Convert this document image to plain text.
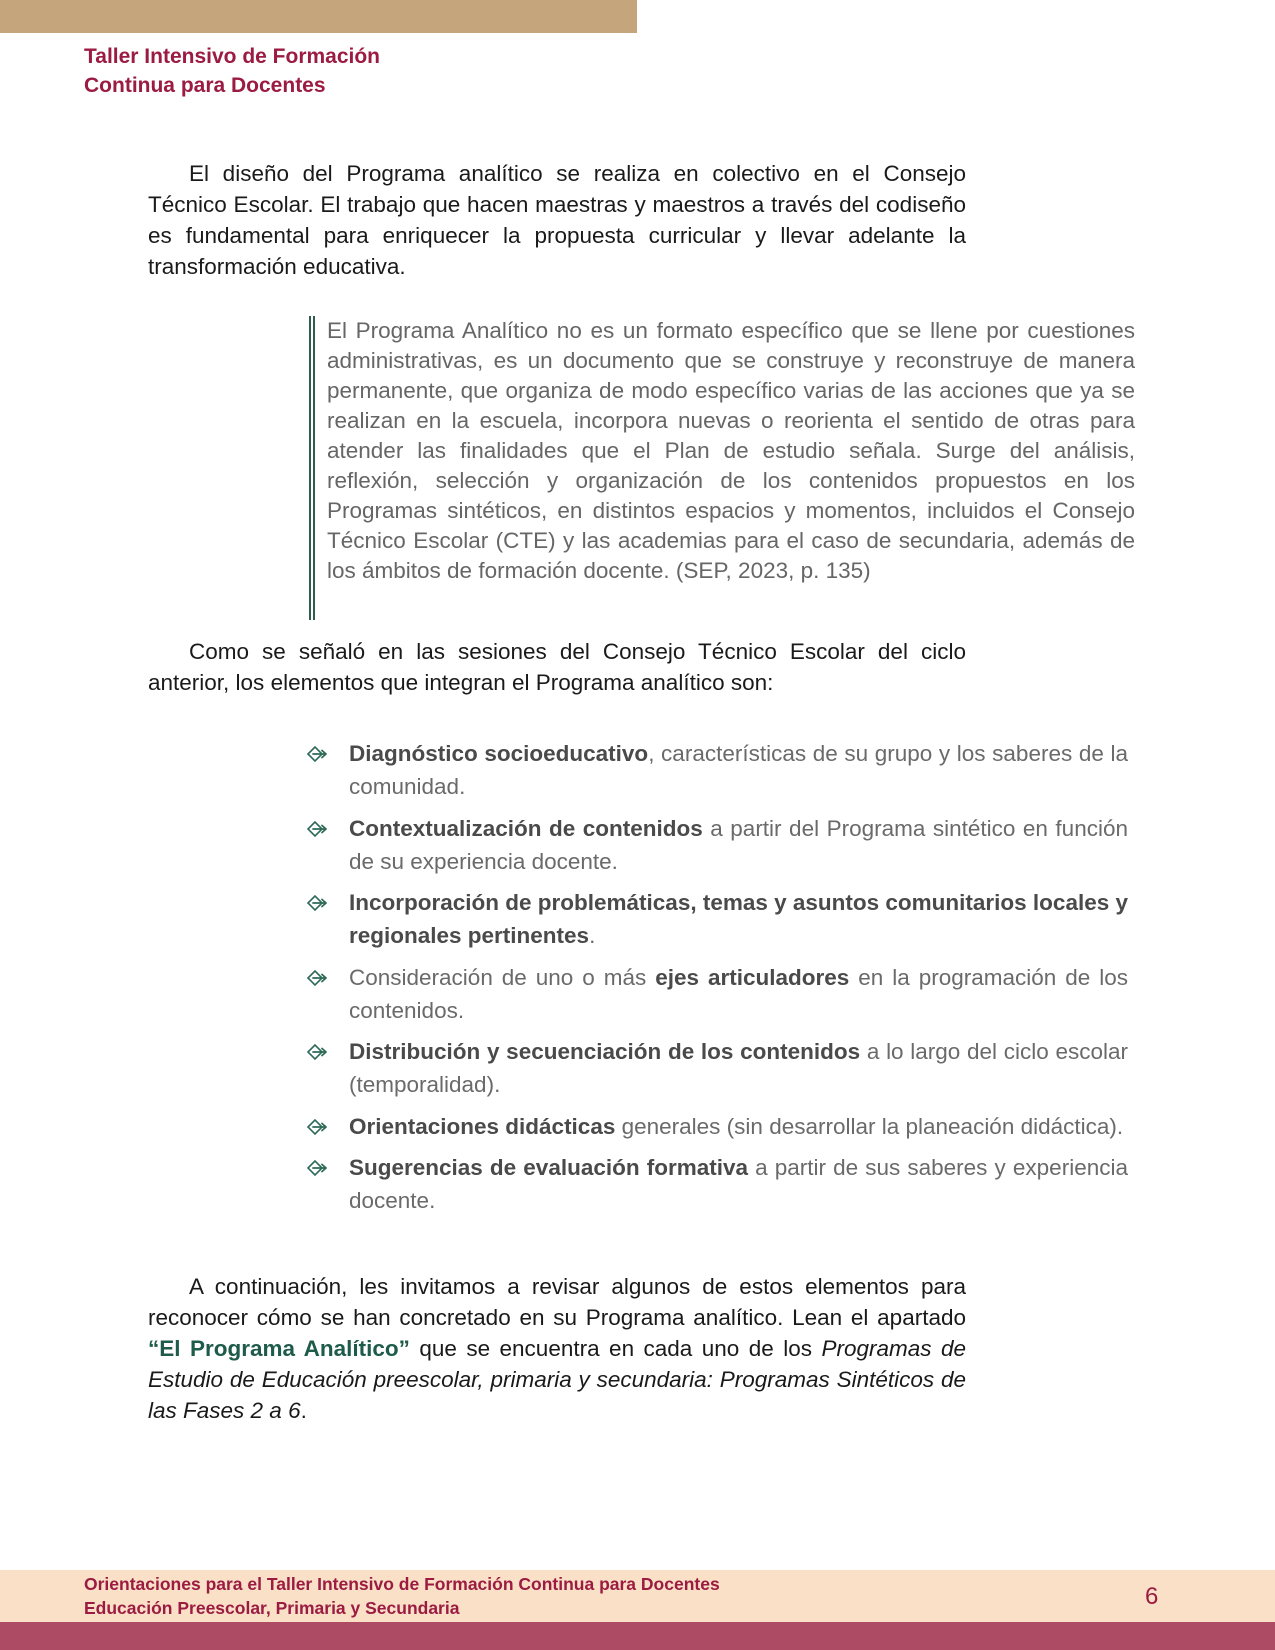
Taller Intensivo de Formación
Continua para Docentes

El diseño del Programa analítico se realiza en colectivo en el Consejo Técnico Escolar. El trabajo que hacen maestras y maestros a través del codiseño es fundamental para enriquecer la propuesta curricular y llevar adelante la transformación educativa.

El Programa Analítico no es un formato específico que se llene por cuestiones administrativas, es un documento que se construye y reconstruye de manera permanente, que organiza de modo específico varias de las acciones que ya se realizan en la escuela, incorpora nuevas o reorienta el sentido de otras para atender las finalidades que el Plan de estudio señala. Surge del análisis, reflexión, selección y organización de los contenidos propuestos en los Programas sintéticos, en distintos espacios y momentos, incluidos el Consejo Técnico Escolar (CTE) y las academias para el caso de secundaria, además de los ámbitos de formación docente. (SEP, 2023, p. 135)

Como se señaló en las sesiones del Consejo Técnico Escolar del ciclo anterior, los elementos que integran el Programa analítico son:

Diagnóstico socioeducativo, características de su grupo y los saberes de la comunidad.
Contextualización de contenidos a partir del Programa sintético en función de su experiencia docente.
Incorporación de problemáticas, temas y asuntos comunitarios locales y regionales pertinentes.
Consideración de uno o más ejes articuladores en la programación de los contenidos.
Distribución y secuenciación de los contenidos a lo largo del ciclo escolar (temporalidad).
Orientaciones didácticas generales (sin desarrollar la planeación didáctica).
Sugerencias de evaluación formativa a partir de sus saberes y experiencia docente.

A continuación, les invitamos a revisar algunos de estos elementos para reconocer cómo se han concretado en su Programa analítico. Lean el apartado “El Programa Analítico” que se encuentra en cada uno de los Programas de Estudio de Educación preescolar, primaria y secundaria: Programas Sintéticos de las Fases 2 a 6.

Orientaciones para el Taller Intensivo de Formación Continua para Docentes
Educación Preescolar, Primaria y Secundaria	6
